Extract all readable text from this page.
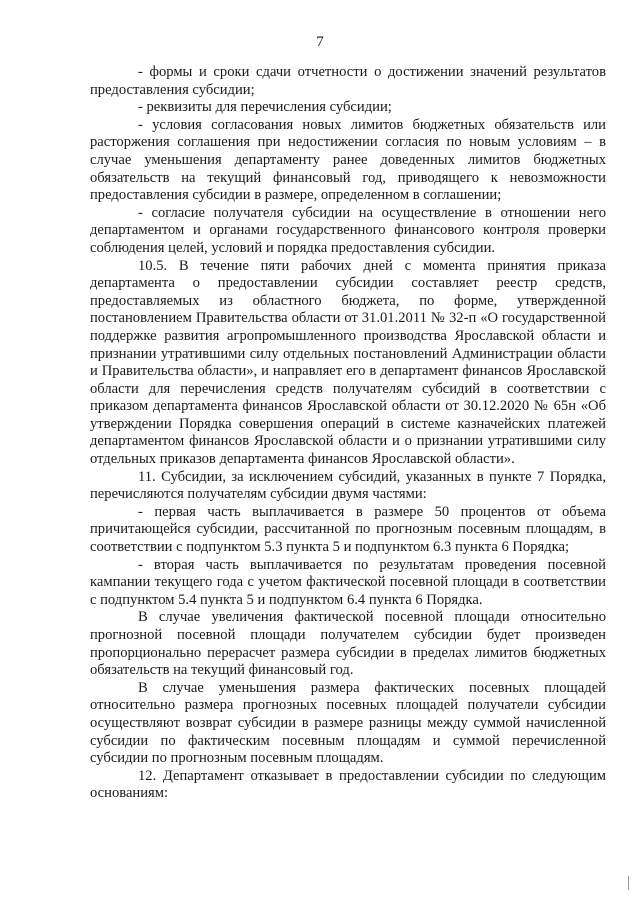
7

- формы и сроки сдачи отчетности о достижении значений результатов предоставления субсидии;

- реквизиты для перечисления субсидии;

- условия согласования новых лимитов бюджетных обязательств или расторжения соглашения при недостижении согласия по новым условиям – в случае уменьшения департаменту ранее доведенных лимитов бюджетных обязательств на текущий финансовый год, приводящего к невозможности предоставления субсидии в размере, определенном в соглашении;

- согласие получателя субсидии на осуществление в отношении него департаментом и органами государственного финансового контроля проверки соблюдения целей, условий и порядка предоставления субсидии.

10.5. В течение пяти рабочих дней с момента принятия приказа департамента о предоставлении субсидии составляет реестр средств, предоставляемых из областного бюджета, по форме, утвержденной постановлением Правительства области от 31.01.2011 № 32-п «О государственной поддержке развития агропромышленного производства Ярославской области и признании утратившими силу отдельных постановлений Администрации области и Правительства области», и направляет его в департамент финансов Ярославской области для перечисления средств получателям субсидий в соответствии с приказом департамента финансов Ярославской области от 30.12.2020 № 65н «Об утверждении Порядка совершения операций в системе казначейских платежей департаментом финансов Ярославской области и о признании утратившими силу отдельных приказов департамента финансов Ярославской области».

11. Субсидии, за исключением субсидий, указанных в пункте 7 Порядка, перечисляются получателям субсидии двумя частями:

- первая часть выплачивается в размере 50 процентов от объема причитающейся субсидии, рассчитанной по прогнозным посевным площадям, в соответствии с подпунктом 5.3 пункта 5 и подпунктом 6.3 пункта 6 Порядка;

- вторая часть выплачивается по результатам проведения посевной кампании текущего года с учетом фактической посевной площади в соответствии с подпунктом 5.4 пункта 5 и подпунктом 6.4 пункта 6 Порядка.

В случае увеличения фактической посевной площади относительно прогнозной посевной площади получателем субсидии будет произведен пропорционально перерасчет размера субсидии в пределах лимитов бюджетных обязательств на текущий финансовый год.

В случае уменьшения размера фактических посевных площадей относительно размера прогнозных посевных площадей получатели субсидии осуществляют возврат субсидии в размере разницы между суммой начисленной субсидии по фактическим посевным площадям и суммой перечисленной субсидии по прогнозным посевным площадям.

12. Департамент отказывает в предоставлении субсидии по следующим основаниям:
